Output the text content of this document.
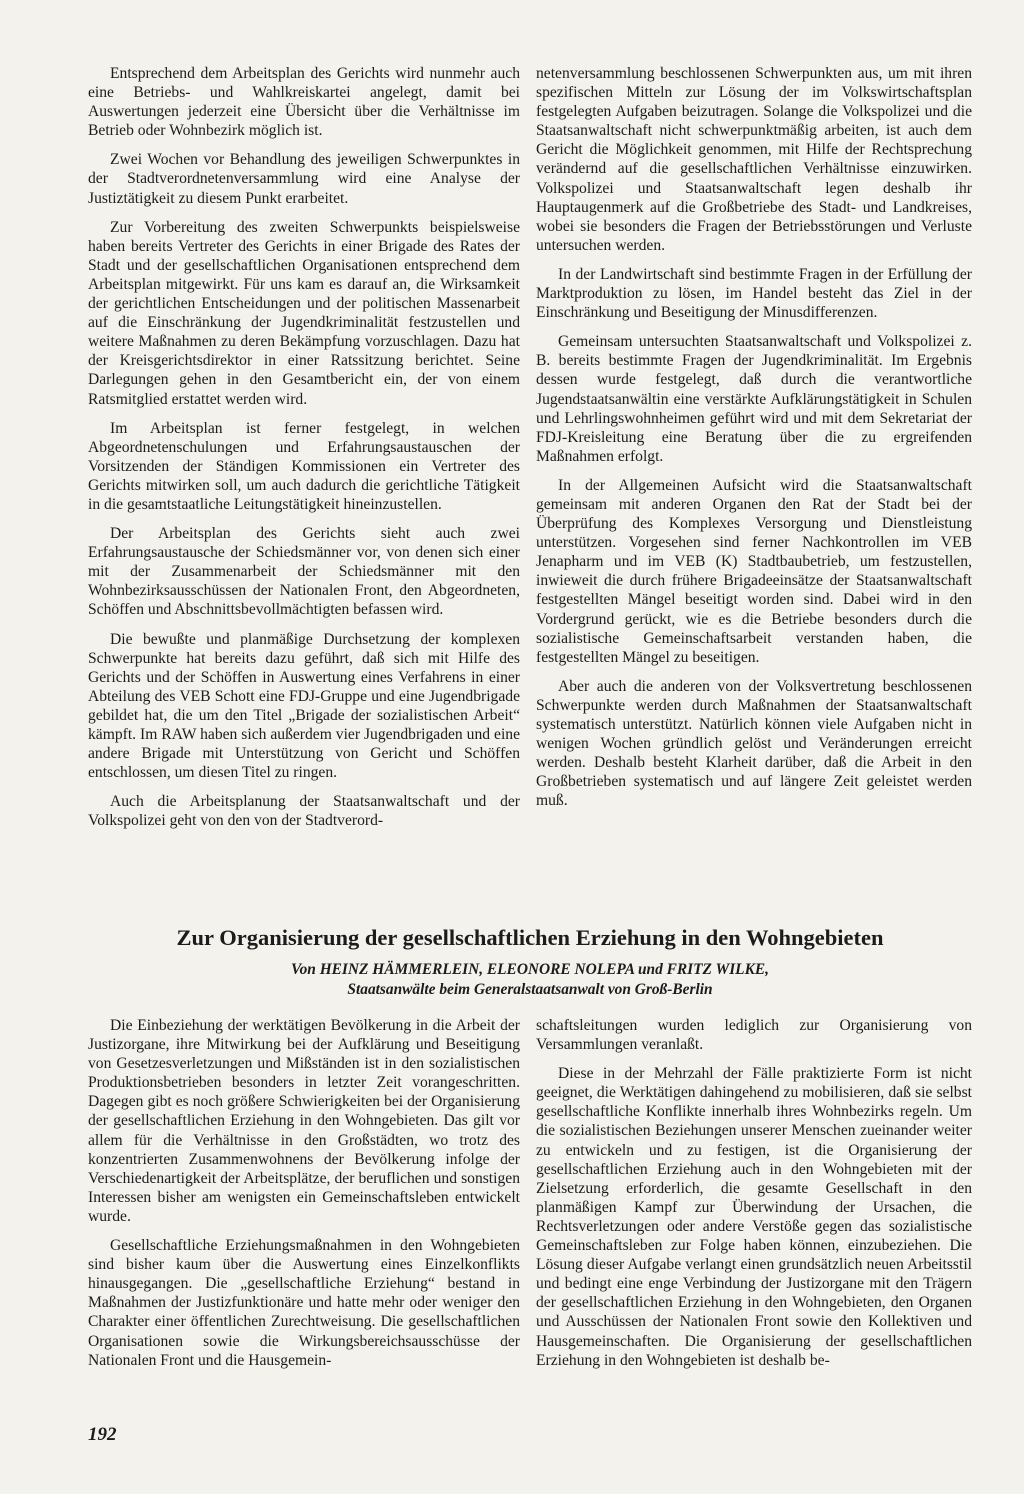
Entsprechend dem Arbeitsplan des Gerichts wird nunmehr auch eine Betriebs- und Wahlkreiskartei angelegt, damit bei Auswertungen jederzeit eine Übersicht über die Verhältnisse im Betrieb oder Wohnbezirk möglich ist.

Zwei Wochen vor Behandlung des jeweiligen Schwerpunktes in der Stadtverordnetenversammlung wird eine Analyse der Justiztätigkeit zu diesem Punkt erarbeitet.

Zur Vorbereitung des zweiten Schwerpunkts beispielsweise haben bereits Vertreter des Gerichts in einer Brigade des Rates der Stadt und der gesellschaftlichen Organisationen entsprechend dem Arbeitsplan mitgewirkt. Für uns kam es darauf an, die Wirksamkeit der gerichtlichen Entscheidungen und der politischen Massenarbeit auf die Einschränkung der Jugendkriminalität festzustellen und weitere Maßnahmen zu deren Bekämpfung vorzuschlagen. Dazu hat der Kreisgerichtsdirektor in einer Ratssitzung berichtet. Seine Darlegungen gehen in den Gesamtbericht ein, der von einem Ratsmitglied erstattet werden wird.

Im Arbeitsplan ist ferner festgelegt, in welchen Abgeordnetenschulungen und Erfahrungsaustauschen der Vorsitzenden der Ständigen Kommissionen ein Vertreter des Gerichts mitwirken soll, um auch dadurch die gerichtliche Tätigkeit in die gesamtstaatliche Leitungstätigkeit hineinzustellen.

Der Arbeitsplan des Gerichts sieht auch zwei Erfahrungsaustausche der Schiedsmänner vor, von denen sich einer mit der Zusammenarbeit der Schiedsmänner mit den Wohnbezirksausschüssen der Nationalen Front, den Abgeordneten, Schöffen und Abschnittsbevollmächtigten befassen wird.

Die bewußte und planmäßige Durchsetzung der komplexen Schwerpunkte hat bereits dazu geführt, daß sich mit Hilfe des Gerichts und der Schöffen in Auswertung eines Verfahrens in einer Abteilung des VEB Schott eine FDJ-Gruppe und eine Jugendbrigade gebildet hat, die um den Titel „Brigade der sozialistischen Arbeit“ kämpft. Im RAW haben sich außerdem vier Jugendbrigaden und eine andere Brigade mit Unterstützung von Gericht und Schöffen entschlossen, um diesen Titel zu ringen.

Auch die Arbeitsplanung der Staatsanwaltschaft und der Volkspolizei geht von den von der Stadtverord-

netenversammlung beschlossenen Schwerpunkten aus, um mit ihren spezifischen Mitteln zur Lösung der im Volkswirtschaftsplan festgelegten Aufgaben beizutragen. Solange die Volkspolizei und die Staatsanwaltschaft nicht schwerpunktmäßig arbeiten, ist auch dem Gericht die Möglichkeit genommen, mit Hilfe der Rechtsprechung verändernd auf die gesellschaftlichen Verhältnisse einzuwirken. Volkspolizei und Staatsanwaltschaft legen deshalb ihr Hauptaugenmerk auf die Großbetriebe des Stadt- und Landkreises, wobei sie besonders die Fragen der Betriebsstörungen und Verluste untersuchen werden.

In der Landwirtschaft sind bestimmte Fragen in der Erfüllung der Marktproduktion zu lösen, im Handel besteht das Ziel in der Einschränkung und Beseitigung der Minusdifferenzen.

Gemeinsam untersuchten Staatsanwaltschaft und Volkspolizei z. B. bereits bestimmte Fragen der Jugendkriminalität. Im Ergebnis dessen wurde festgelegt, daß durch die verantwortliche Jugendstaatsanwältin eine verstärkte Aufklärungstätigkeit in Schulen und Lehrlingswohnheimen geführt wird und mit dem Sekretariat der FDJ-Kreisleitung eine Beratung über die zu ergreifenden Maßnahmen erfolgt.

In der Allgemeinen Aufsicht wird die Staatsanwaltschaft gemeinsam mit anderen Organen den Rat der Stadt bei der Überprüfung des Komplexes Versorgung und Dienstleistung unterstützen. Vorgesehen sind ferner Nachkontrollen im VEB Jenapharm und im VEB (K) Stadtbaubetrieb, um festzustellen, inwieweit die durch frühere Brigadeeinsätze der Staatsanwaltschaft festgestellten Mängel beseitigt worden sind. Dabei wird in den Vordergrund gerückt, wie es die Betriebe besonders durch die sozialistische Gemeinschaftsarbeit verstanden haben, die festgestellten Mängel zu beseitigen.

Aber auch die anderen von der Volksvertretung beschlossenen Schwerpunkte werden durch Maßnahmen der Staatsanwaltschaft systematisch unterstützt. Natürlich können viele Aufgaben nicht in wenigen Wochen gründlich gelöst und Veränderungen erreicht werden. Deshalb besteht Klarheit darüber, daß die Arbeit in den Großbetrieben systematisch und auf längere Zeit geleistet werden muß.

Zur Organisierung der gesellschaftlichen Erziehung in den Wohngebieten

Von HEINZ HÄMMERLEIN, ELEONORE NOLEPA und FRITZ WILKE,

Staatsanwälte beim Generalstaatsanwalt von Groß-Berlin

Die Einbeziehung der werktätigen Bevölkerung in die Arbeit der Justizorgane, ihre Mitwirkung bei der Aufklärung und Beseitigung von Gesetzesverletzungen und Mißständen ist in den sozialistischen Produktionsbetrieben besonders in letzter Zeit vorangeschritten. Dagegen gibt es noch größere Schwierigkeiten bei der Organisierung der gesellschaftlichen Erziehung in den Wohngebieten. Das gilt vor allem für die Verhältnisse in den Großstädten, wo trotz des konzentrierten Zusammenwohnens der Bevölkerung infolge der Verschiedenartigkeit der Arbeitsplätze, der beruflichen und sonstigen Interessen bisher am wenigsten ein Gemeinschaftsleben entwickelt wurde.

Gesellschaftliche Erziehungsmaßnahmen in den Wohngebieten sind bisher kaum über die Auswertung eines Einzelkonflikts hinausgegangen. Die „gesellschaftliche Erziehung“ bestand in Maßnahmen der Justizfunktionäre und hatte mehr oder weniger den Charakter einer öffentlichen Zurechtweisung. Die gesellschaftlichen Organisationen sowie die Wirkungsbereichsausschüsse der Nationalen Front und die Hausgemein-

schaftsleitungen wurden lediglich zur Organisierung von Versammlungen veranlaßt.

Diese in der Mehrzahl der Fälle praktizierte Form ist nicht geeignet, die Werktätigen dahingehend zu mobilisieren, daß sie selbst gesellschaftliche Konflikte innerhalb ihres Wohnbezirks regeln. Um die sozialistischen Beziehungen unserer Menschen zueinander weiter zu entwickeln und zu festigen, ist die Organisierung der gesellschaftlichen Erziehung auch in den Wohngebieten mit der Zielsetzung erforderlich, die gesamte Gesellschaft in den planmäßigen Kampf zur Überwindung der Ursachen, die Rechtsverletzungen oder andere Verstöße gegen das sozialistische Gemeinschaftsleben zur Folge haben können, einzubeziehen. Die Lösung dieser Aufgabe verlangt einen grundsätzlich neuen Arbeitsstil und bedingt eine enge Verbindung der Justizorgane mit den Trägern der gesellschaftlichen Erziehung in den Wohngebieten, den Organen und Ausschüssen der Nationalen Front sowie den Kollektiven und Hausgemeinschaften. Die Organisierung der gesellschaftlichen Erziehung in den Wohngebieten ist deshalb be-

192
